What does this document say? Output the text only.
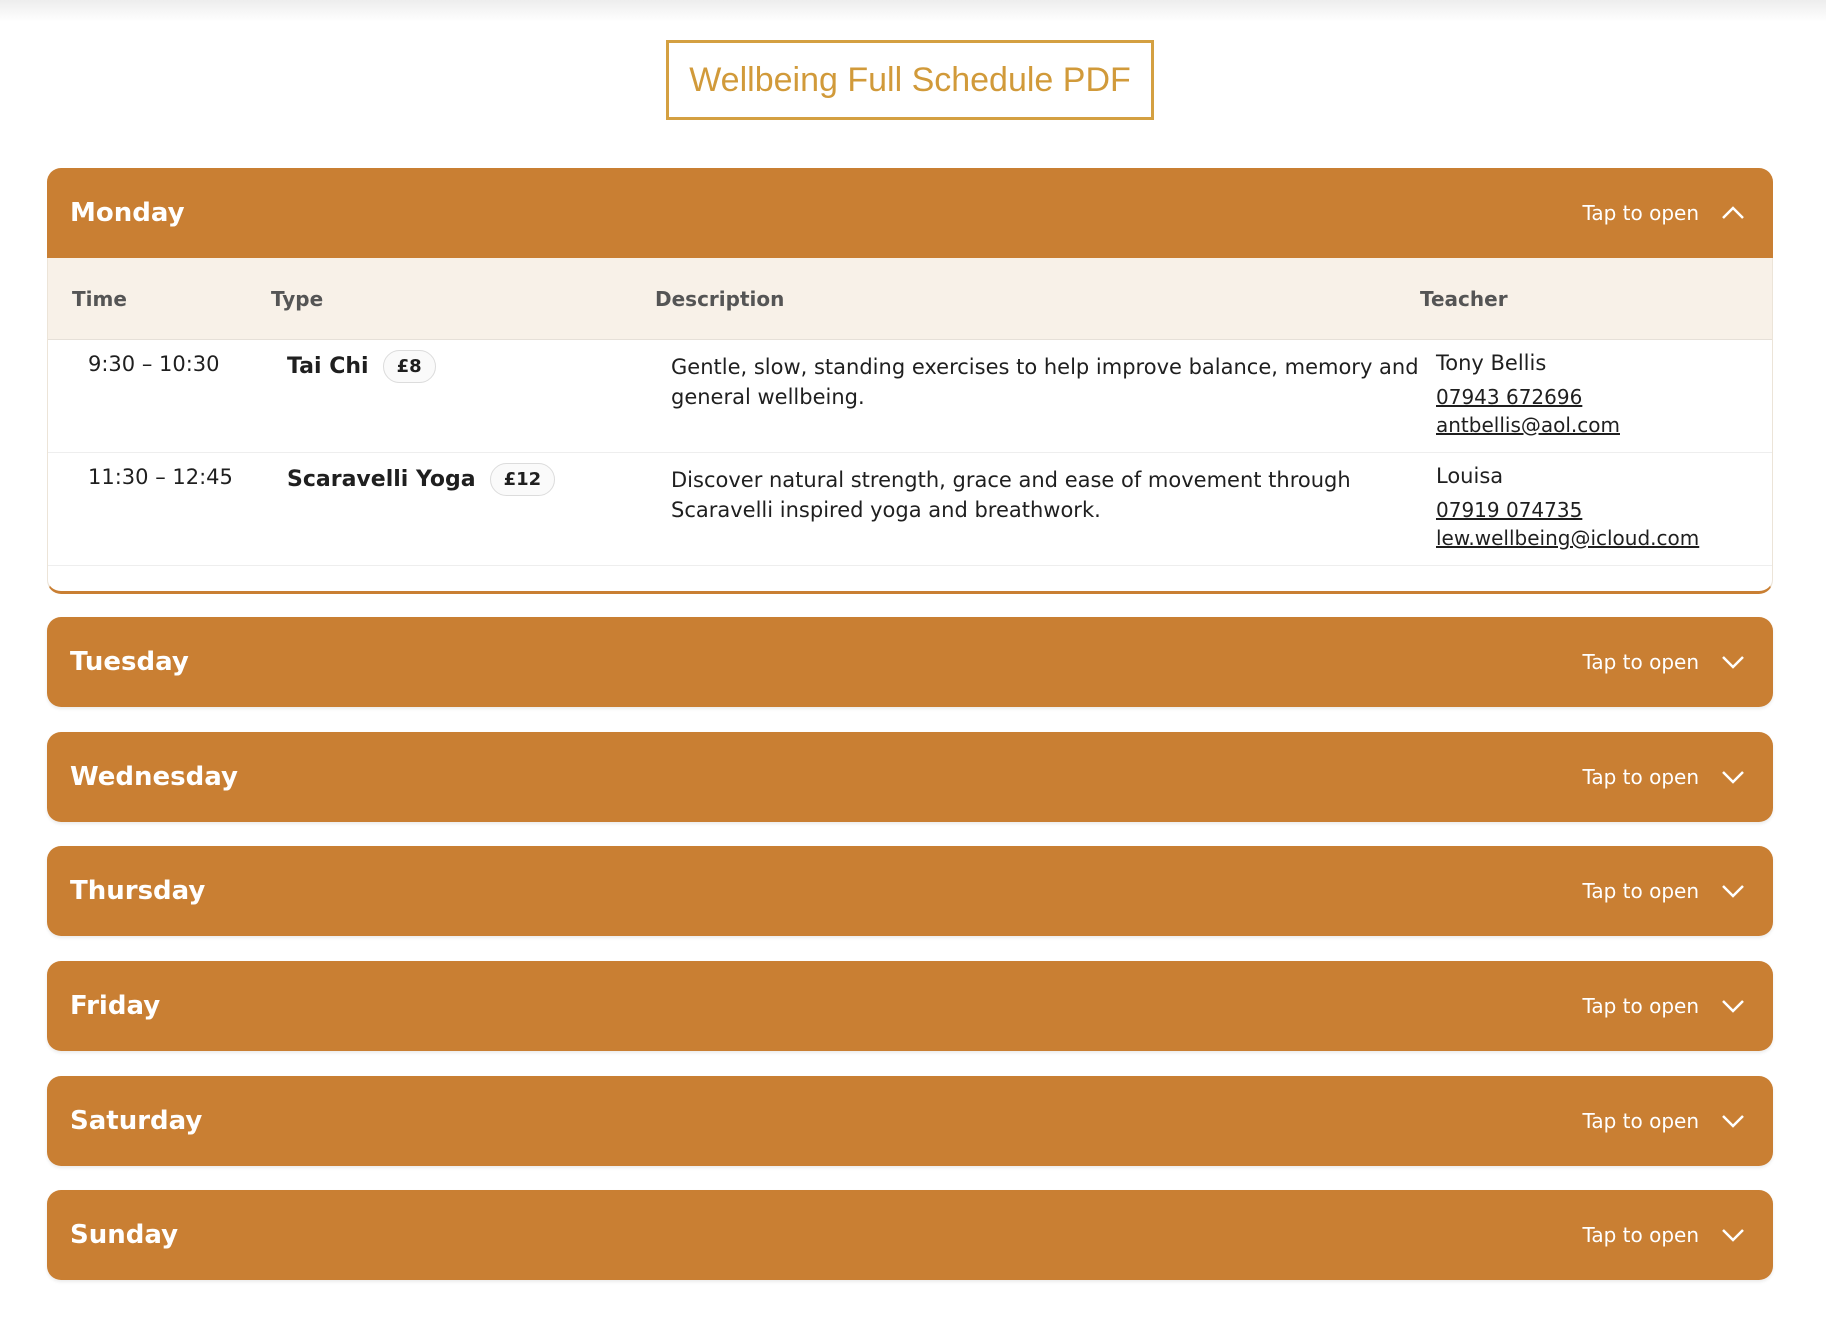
Wellbeing Full Schedule PDF
Monday	Tap to open
Time	Type	Description	Teacher
9:30 – 10:30	Tai Chi	£8	Gentle, slow, standing exercises to help improve balance, memory and general wellbeing.
Tony Bellis
07943 672696
antbellis@aol.com
11:30 – 12:45	Scaravelli Yoga	£12	Discover natural strength, grace and ease of movement through Scaravelli inspired yoga and breathwork.
Louisa
07919 074735
lew.wellbeing@icloud.com
Tuesday	Tap to open
Wednesday	Tap to open
Thursday	Tap to open
Friday	Tap to open
Saturday	Tap to open
Sunday	Tap to open
